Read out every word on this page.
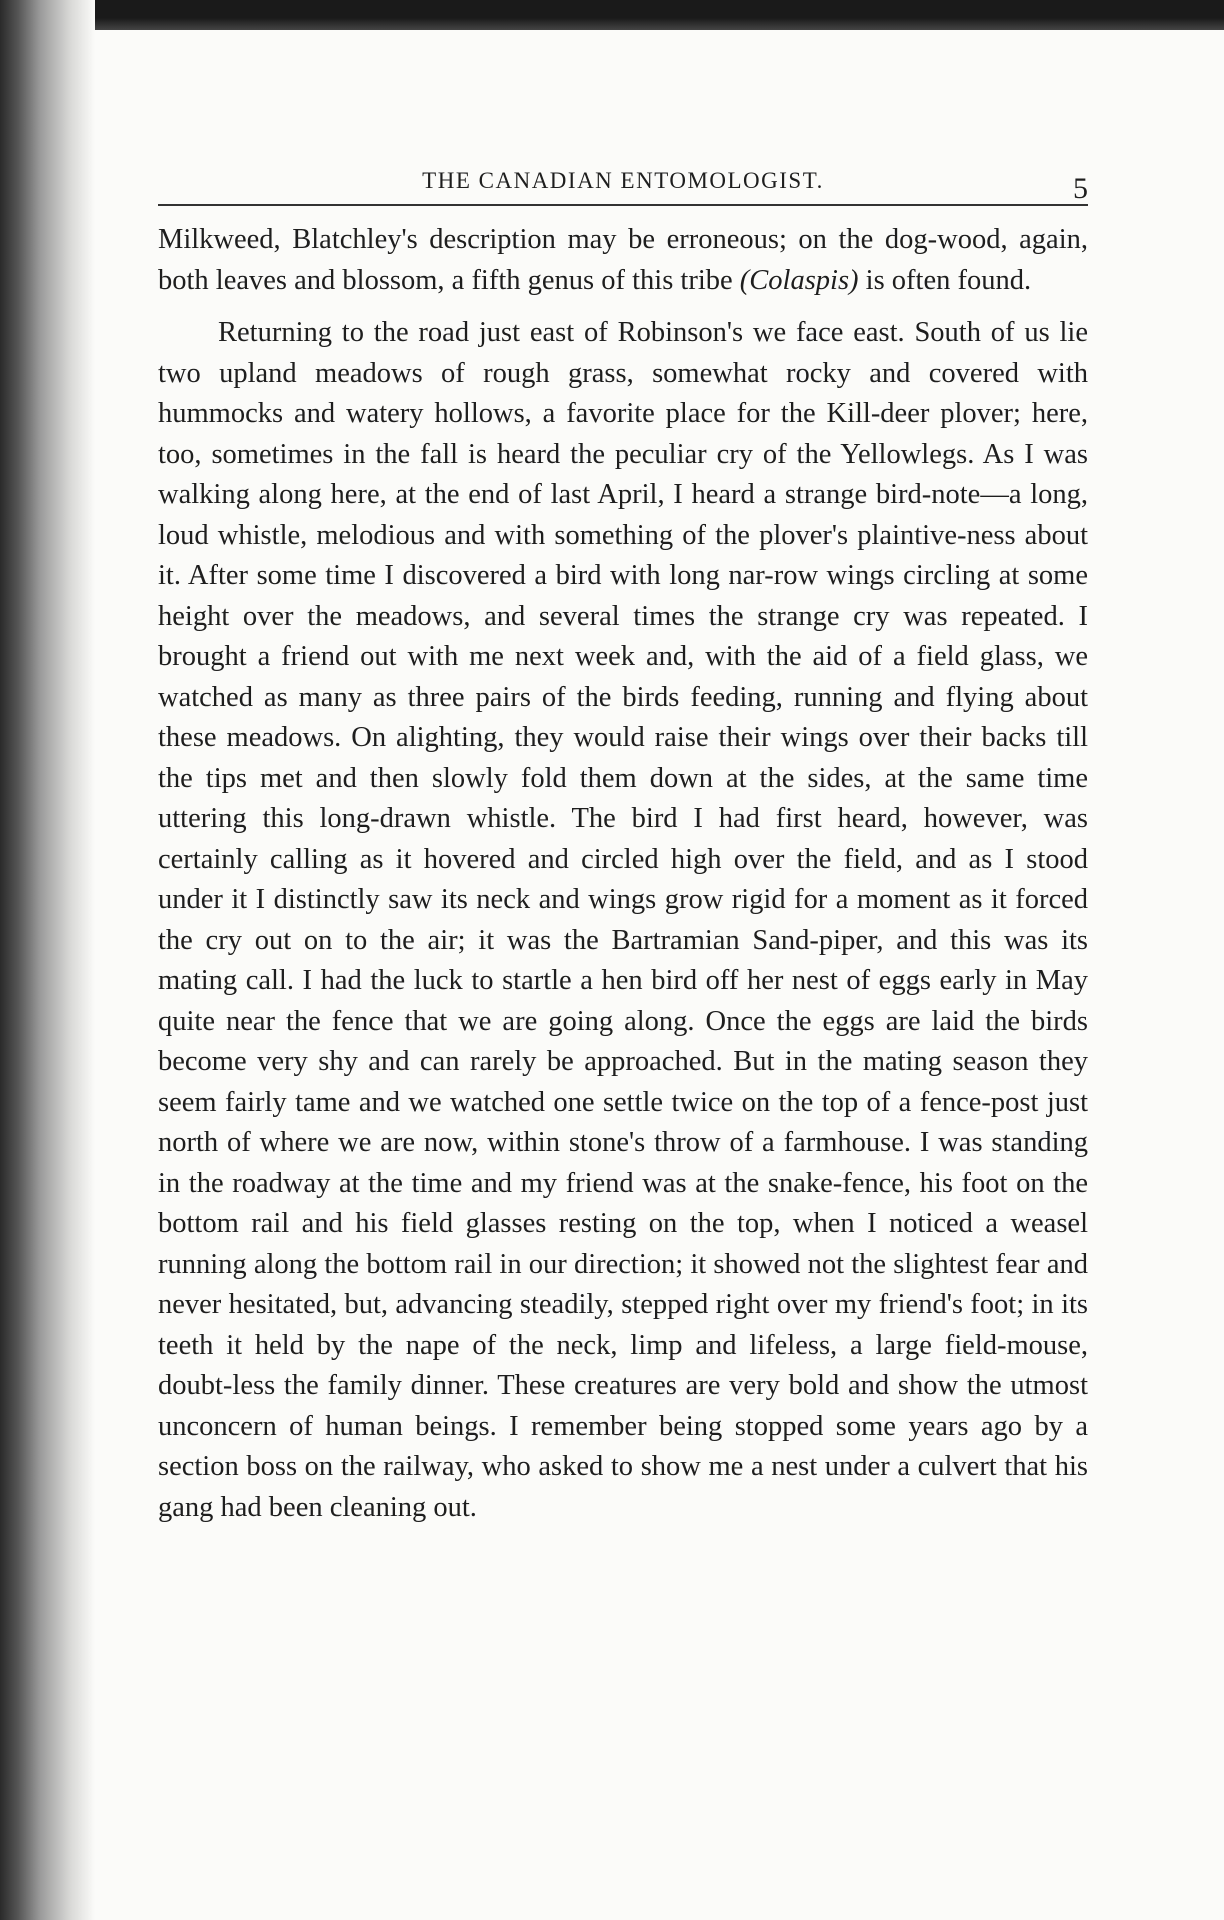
THE CANADIAN ENTOMOLOGIST.	5

Milkweed, Blatchley's description may be erroneous; on the dog-wood, again, both leaves and blossom, a fifth genus of this tribe (Colaspis) is often found.

Returning to the road just east of Robinson's we face east. South of us lie two upland meadows of rough grass, somewhat rocky and covered with hummocks and watery hollows, a favorite place for the Kill-deer plover; here, too, sometimes in the fall is heard the peculiar cry of the Yellowlegs. As I was walking along here, at the end of last April, I heard a strange bird-note—a long, loud whistle, melodious and with something of the plover's plaintive-ness about it. After some time I discovered a bird with long nar-row wings circling at some height over the meadows, and several times the strange cry was repeated. I brought a friend out with me next week and, with the aid of a field glass, we watched as many as three pairs of the birds feeding, running and flying about these meadows. On alighting, they would raise their wings over their backs till the tips met and then slowly fold them down at the sides, at the same time uttering this long-drawn whistle. The bird I had first heard, however, was certainly calling as it hovered and circled high over the field, and as I stood under it I distinctly saw its neck and wings grow rigid for a moment as it forced the cry out on to the air; it was the Bartramian Sand-piper, and this was its mating call. I had the luck to startle a hen bird off her nest of eggs early in May quite near the fence that we are going along. Once the eggs are laid the birds become very shy and can rarely be approached. But in the mating season they seem fairly tame and we watched one settle twice on the top of a fence-post just north of where we are now, within stone's throw of a farmhouse. I was standing in the roadway at the time and my friend was at the snake-fence, his foot on the bottom rail and his field glasses resting on the top, when I noticed a weasel running along the bottom rail in our direction; it showed not the slightest fear and never hesitated, but, advancing steadily, stepped right over my friend's foot; in its teeth it held by the nape of the neck, limp and lifeless, a large field-mouse, doubt-less the family dinner. These creatures are very bold and show the utmost unconcern of human beings. I remember being stopped some years ago by a section boss on the railway, who asked to show me a nest under a culvert that his gang had been cleaning out.
